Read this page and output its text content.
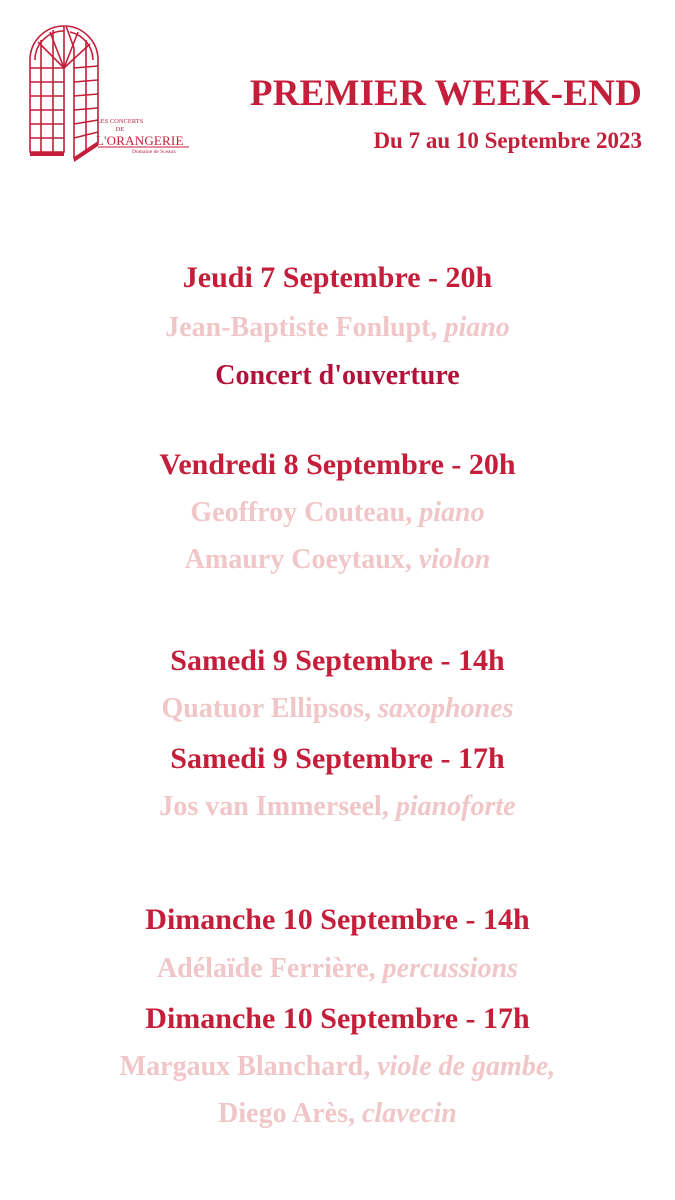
LES CONCERTS
DE
L'ORANGERIE
Domaine de Sceaux
PREMIER WEEK-END
Du 7 au 10 Septembre 2023
Jeudi 7 Septembre - 20h
Jean-Baptiste Fonlupt, piano
Concert d'ouverture
Vendredi 8 Septembre - 20h
Geoffroy Couteau, piano
Amaury Coeytaux, violon
Samedi 9 Septembre - 14h
Quatuor Ellipsos, saxophones
Samedi 9 Septembre - 17h
Jos van Immerseel, pianoforte
Dimanche 10 Septembre - 14h
Adélaïde Ferrière, percussions
Dimanche 10 Septembre - 17h
Margaux Blanchard, viole de gambe,
Diego Arès, clavecin
